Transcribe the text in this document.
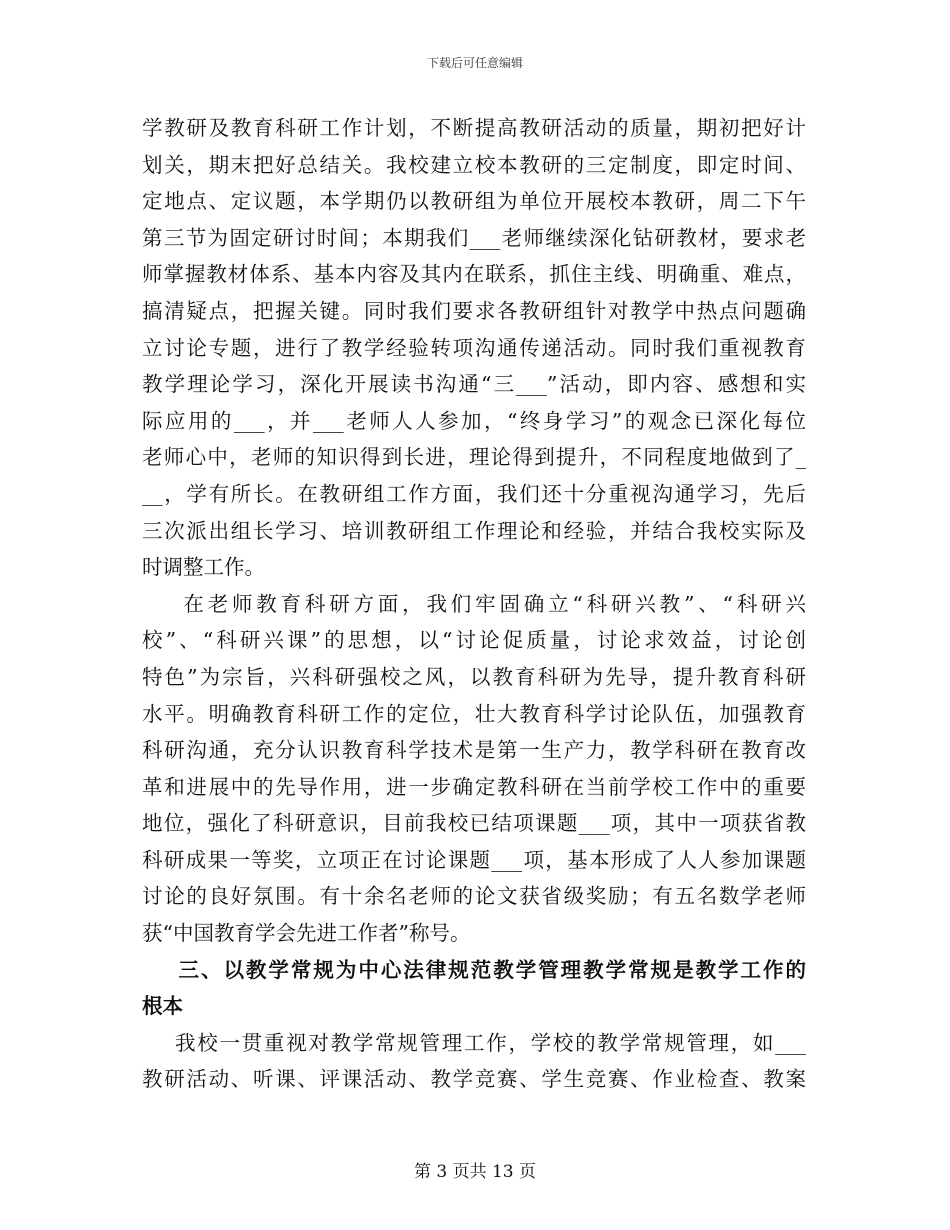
下载后可任意编辑
学教研及教育科研工作计划，不断提高教研活动的质量，期初把好计
划关，期末把好总结关。我校建立校本教研的三定制度，即定时间、
定地点、定议题，本学期仍以教研组为单位开展校本教研，周二下午
第三节为固定研讨时间；本期我们___老师继续深化钻研教材，要求老
师掌握教材体系、基本内容及其内在联系，抓住主线、明确重、难点，
搞清疑点，把握关键。同时我们要求各教研组针对教学中热点问题确
立讨论专题，进行了教学经验转项沟通传递活动。同时我们重视教育
教学理论学习，深化开展读书沟通“三___”活动，即内容、感想和实
际应用的___，并___老师人人参加，“终身学习”的观念已深化每位
老师心中，老师的知识得到长进，理论得到提升，不同程度地做到了_
__，学有所长。在教研组工作方面，我们还十分重视沟通学习，先后
三次派出组长学习、培训教研组工作理论和经验，并结合我校实际及
时调整工作。
在老师教育科研方面，我们牢固确立“科研兴教”、“科研兴
校”、“科研兴课”的思想，以“讨论促质量，讨论求效益，讨论创
特色”为宗旨，兴科研强校之风，以教育科研为先导，提升教育科研
水平。明确教育科研工作的定位，壮大教育科学讨论队伍，加强教育
科研沟通，充分认识教育科学技术是第一生产力，教学科研在教育改
革和进展中的先导作用，进一步确定教科研在当前学校工作中的重要
地位，强化了科研意识，目前我校已结项课题___项，其中一项获省教
科研成果一等奖，立项正在讨论课题___项，基本形成了人人参加课题
讨论的良好氛围。有十余名老师的论文获省级奖励；有五名数学老师
获“中国教育学会先进工作者”称号。
三、以教学常规为中心法律规范教学管理教学常规是教学工作的
根本
我校一贯重视对教学常规管理工作，学校的教学常规管理，如___
教研活动、听课、评课活动、教学竞赛、学生竞赛、作业检查、教案
第 3 页共 13 页
